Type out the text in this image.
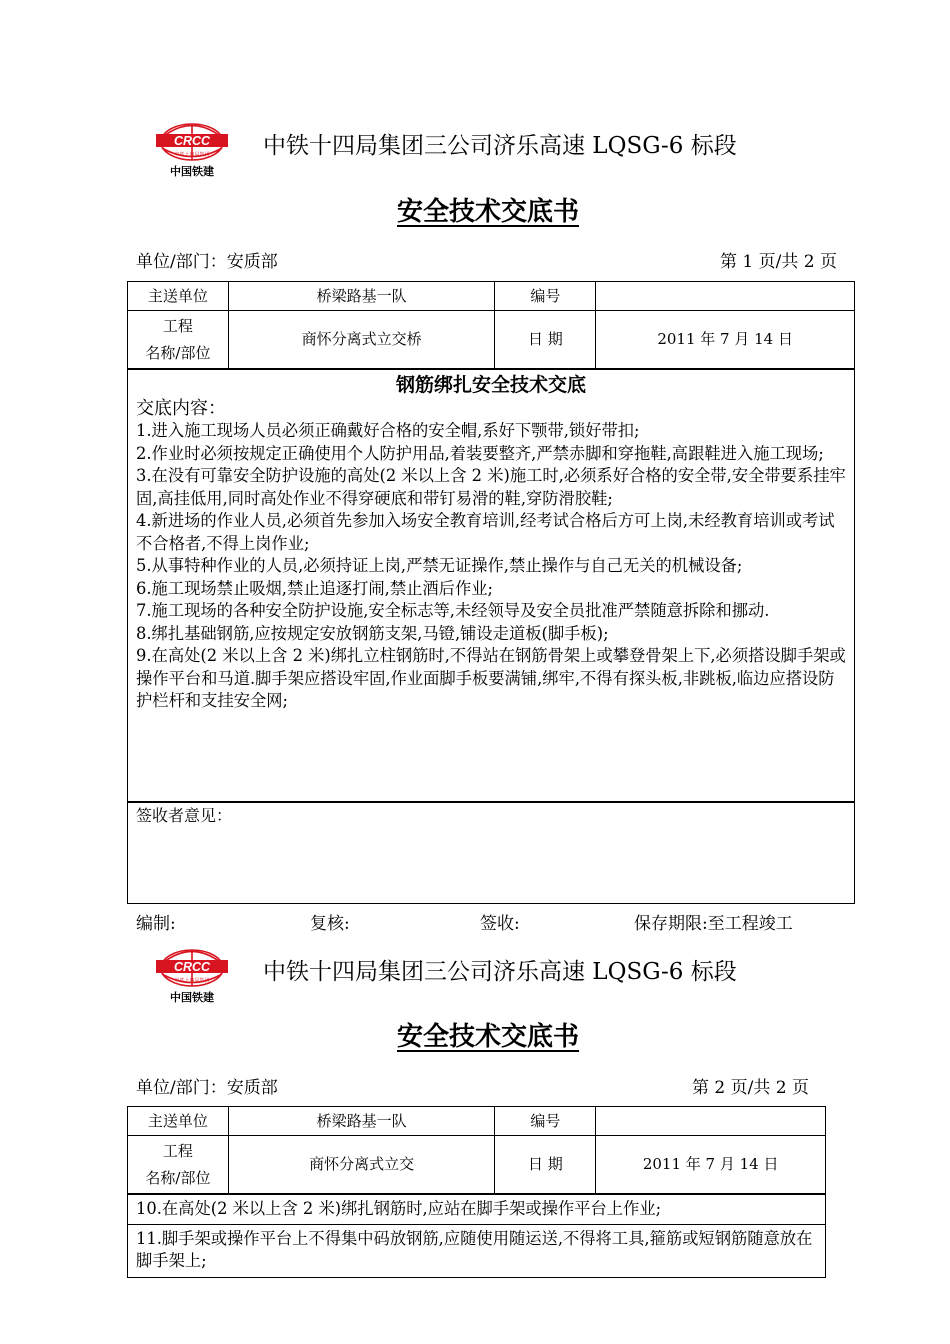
CRCC
中铁十四局集团
中国铁建
中铁十四局集团三公司济乐高速 LQSG-6 标段
安全技术交底书
单位/部门：安质部	第 1 页/共 2 页
主送单位	桥梁路基一队	编号	

工程
名称/部位	商怀分离式立交桥	日 期	2011 年 7 月 14 日
钢筋绑扎安全技术交底
交底内容：
1.进入施工现场人员必须正确戴好合格的安全帽,系好下颚带,锁好带扣;
2.作业时必须按规定正确使用个人防护用品,着装要整齐,严禁赤脚和穿拖鞋,高跟鞋进入施工现场;
3.在没有可靠安全防护设施的高处(2 米以上含 2 米)施工时,必须系好合格的安全带,安全带要系挂牢固,高挂低用,同时高处作业不得穿硬底和带钉易滑的鞋,穿防滑胶鞋;
4.新进场的作业人员,必须首先参加入场安全教育培训,经考试合格后方可上岗,未经教育培训或考试不合格者,不得上岗作业;
5.从事特种作业的人员,必须持证上岗,严禁无证操作,禁止操作与自己无关的机械设备;
6.施工现场禁止吸烟,禁止追逐打闹,禁止酒后作业;
7.施工现场的各种安全防护设施,安全标志等,未经领导及安全员批准严禁随意拆除和挪动.
8.绑扎基础钢筋,应按规定安放钢筋支架,马镫,铺设走道板(脚手板);
9.在高处(2 米以上含 2 米)绑扎立柱钢筋时,不得站在钢筋骨架上或攀登骨架上下,必须搭设脚手架或操作平台和马道.脚手架应搭设牢固,作业面脚手板要满铺,绑牢,不得有探头板,非跳板,临边应搭设防护栏杆和支挂安全网;
签收者意见：
编制:	复核:	签收:	保存期限:至工程竣工
CRCC
中铁十四局集团
中国铁建
中铁十四局集团三公司济乐高速 LQSG-6 标段
安全技术交底书
单位/部门：安质部	第 2 页/共 2 页
主送单位	桥梁路基一队	编号	

工程
名称/部位	商怀分离式立交	日 期	2011 年 7 月 14 日
10.在高处(2 米以上含 2 米)绑扎钢筋时,应站在脚手架或操作平台上作业;
11.脚手架或操作平台上不得集中码放钢筋,应随使用随运送,不得将工具,箍筋或短钢筋随意放在脚手架上;
